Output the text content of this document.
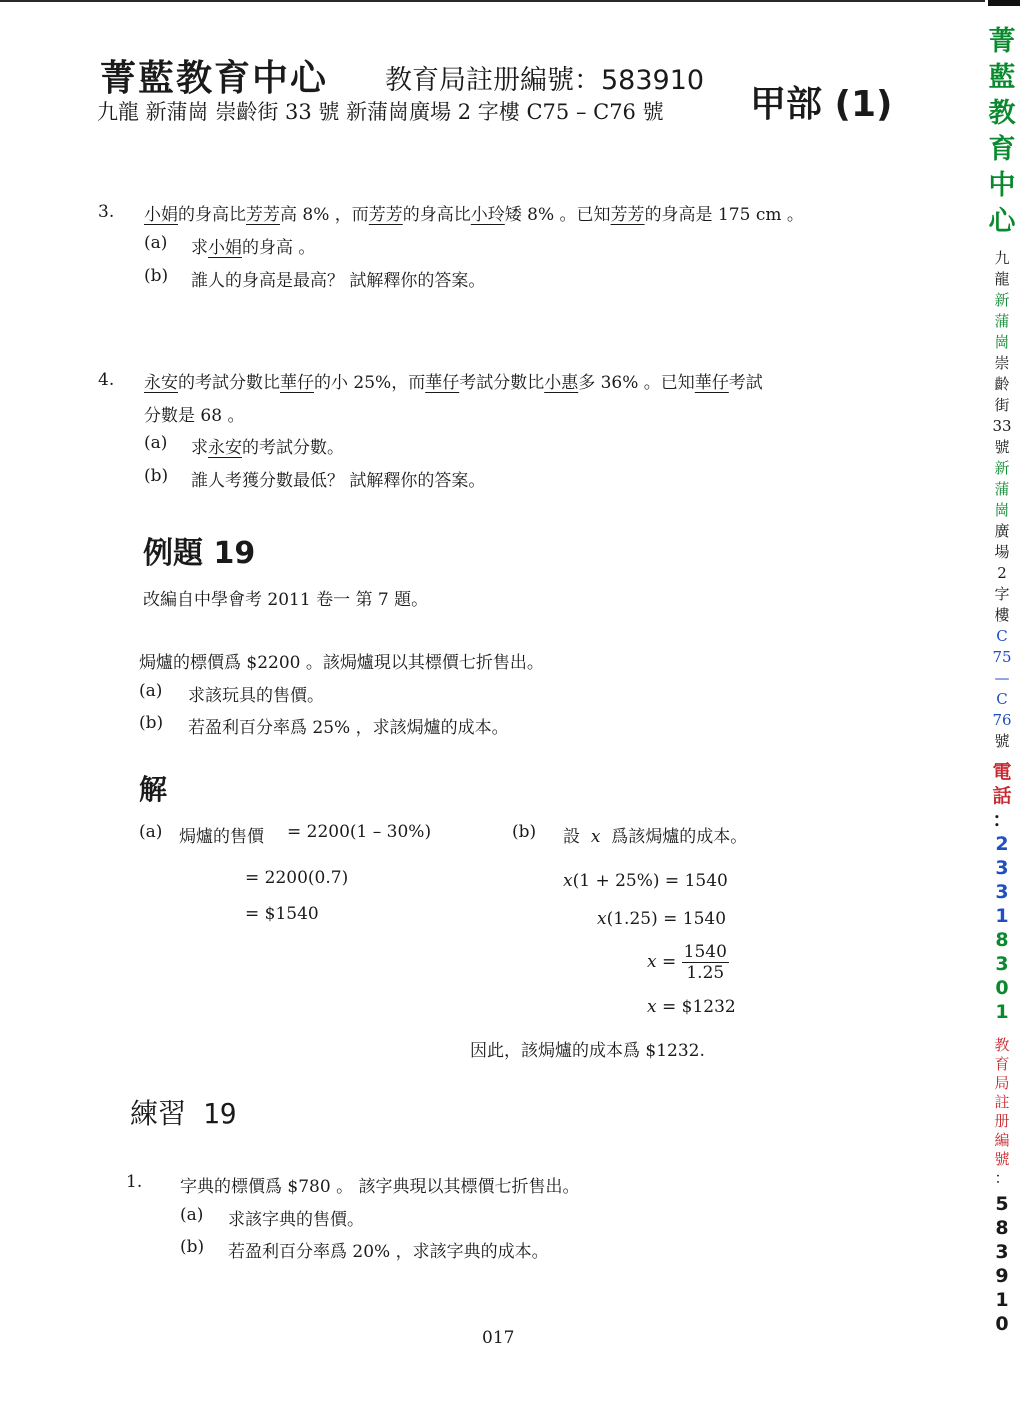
菁藍教育中心 教育局註册編號：583910
九龍 新蒲崗 崇齡街 33 號 新蒲崗廣場 2 字樓 C75 – C76 號 甲部 (1)
3. 小娟的身高比芳芳高 8% ，而芳芳的身高比小玲矮 8% 。已知芳芳的身高是 175 cm 。
(a) 求小娟的身高 。
(b) 誰人的身高是最高？ 試解釋你的答案。
4. 永安的考試分數比華仔的小 25%，而華仔考試分數比小惠多 36% 。已知華仔考試
分數是 68 。
(a) 求永安的考試分數。
(b) 誰人考獲分數最低？ 試解釋你的答案。
例題 19
改編自中學會考 2011 卷一 第 7 題。
焗爐的標價爲 $2200 。該焗爐現以其標價七折售出。
(a) 求該玩具的售價。
(b) 若盈利百分率爲 25% ，求該焗爐的成本。
解
(a) 焗爐的售價 = 2200(1 – 30%)
= 2200(0.7)
= $1540
(b) 設 x 爲該焗爐的成本。
x(1 + 25%) = 1540
x(1.25) = 1540
$x = \frac{1540}{1.25}$
x = $1232
因此，該焗爐的成本爲 $1232.
練習 19
1. 字典的標價爲 $780 。 該字典現以其標價七折售出。
(a) 求該字典的售價。
(b) 若盈利百分率爲 20% ，求該字典的成本。
017
菁
藍
教
育
中
心
九
龍
新
蒲
崗
崇
齡
街
33
號
新
蒲
崗
廣
場
2
字
樓
C
75
—
C
76
號
電
話
：
2
3
3
1
8
3
0
1
教
育
局
註
册
編
號
：
5
8
3
9
1
0
